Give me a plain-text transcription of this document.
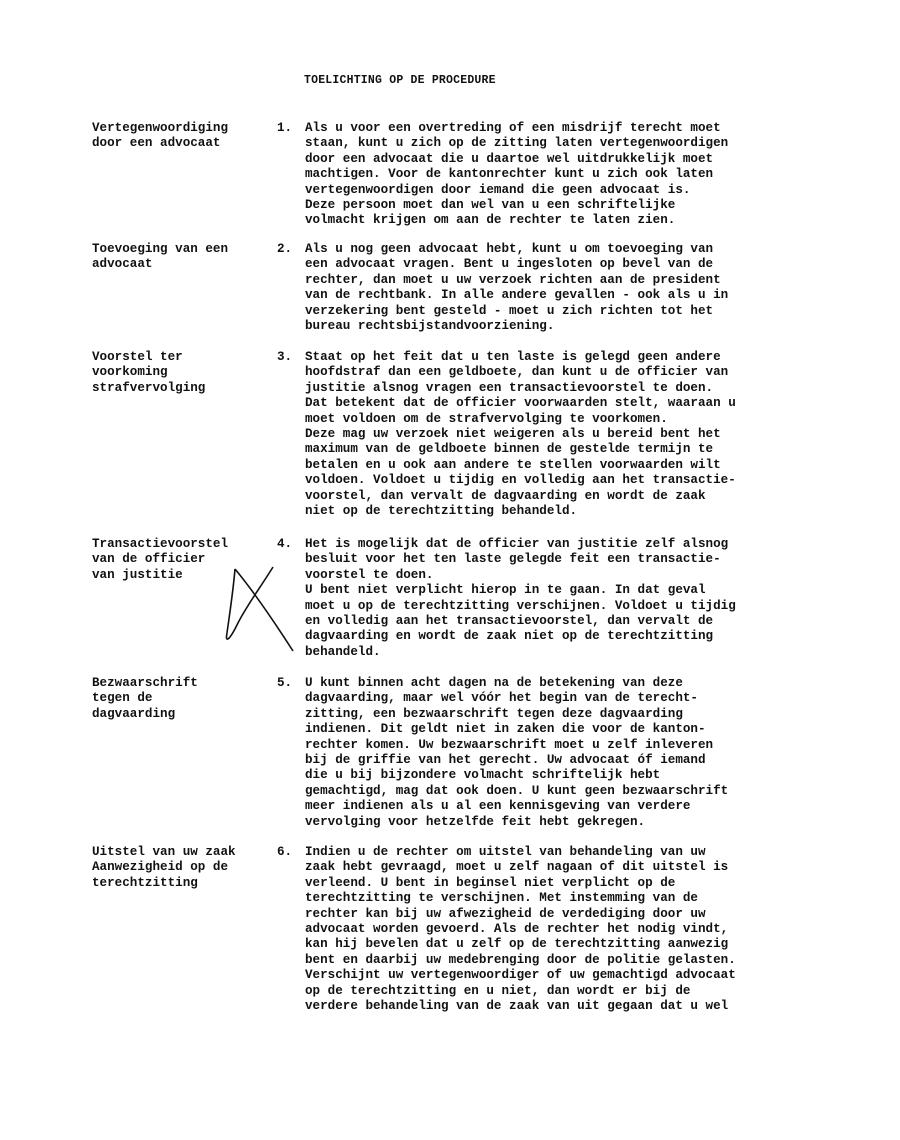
TOELICHTING OP DE PROCEDURE
Vertegenwoordiging
door een advocaat
1. Als u voor een overtreding of een misdrijf terecht moet
staan, kunt u zich op de zitting laten vertegenwoordigen
door een advocaat die u daartoe wel uitdrukkelijk moet
machtigen. Voor de kantonrechter kunt u zich ook laten
vertegenwoordigen door iemand die geen advocaat is.
Deze persoon moet dan wel van u een schriftelijke
volmacht krijgen om aan de rechter te laten zien.
Toevoeging van een
advocaat
2. Als u nog geen advocaat hebt, kunt u om toevoeging van
een advocaat vragen. Bent u ingesloten op bevel van de
rechter, dan moet u uw verzoek richten aan de president
van de rechtbank. In alle andere gevallen - ook als u in
verzekering bent gesteld - moet u zich richten tot het
bureau rechtsbijstandvoorziening.
Voorstel ter
voorkoming
strafvervolging
3. Staat op het feit dat u ten laste is gelegd geen andere
hoofdstraf dan een geldboete, dan kunt u de officier van
justitie alsnog vragen een transactievoorstel te doen.
Dat betekent dat de officier voorwaarden stelt, waaraan u
moet voldoen om de strafvervolging te voorkomen.
Deze mag uw verzoek niet weigeren als u bereid bent het
maximum van de geldboete binnen de gestelde termijn te
betalen en u ook aan andere te stellen voorwaarden wilt
voldoen. Voldoet u tijdig en volledig aan het transactie-
voorstel, dan vervalt de dagvaarding en wordt de zaak
niet op de terechtzitting behandeld.
Transactievoorstel
van de officier
van justitie
4. Het is mogelijk dat de officier van justitie zelf alsnog
besluit voor het ten laste gelegde feit een transactie-
voorstel te doen.
U bent niet verplicht hierop in te gaan. In dat geval
moet u op de terechtzitting verschijnen. Voldoet u tijdig
en volledig aan het transactievoorstel, dan vervalt de
dagvaarding en wordt de zaak niet op de terechtzitting
behandeld.
Bezwaarschrift
tegen de
dagvaarding
5. U kunt binnen acht dagen na de betekening van deze
dagvaarding, maar wel vóór het begin van de terecht-
zitting, een bezwaarschrift tegen deze dagvaarding
indienen. Dit geldt niet in zaken die voor de kanton-
rechter komen. Uw bezwaarschrift moet u zelf inleveren
bij de griffie van het gerecht. Uw advocaat óf iemand
die u bij bijzondere volmacht schriftelijk hebt
gemachtigd, mag dat ook doen. U kunt geen bezwaarschrift
meer indienen als u al een kennisgeving van verdere
vervolging voor hetzelfde feit hebt gekregen.
Uitstel van uw zaak
Aanwezigheid op de
terechtzitting
6. Indien u de rechter om uitstel van behandeling van uw
zaak hebt gevraagd, moet u zelf nagaan of dit uitstel is
verleend. U bent in beginsel niet verplicht op de
terechtzitting te verschijnen. Met instemming van de
rechter kan bij uw afwezigheid de verdediging door uw
advocaat worden gevoerd. Als de rechter het nodig vindt,
kan hij bevelen dat u zelf op de terechtzitting aanwezig
bent en daarbij uw medebrenging door de politie gelasten.
Verschijnt uw vertegenwoordiger of uw gemachtigd advocaat
op de terechtzitting en u niet, dan wordt er bij de
verdere behandeling van de zaak van uit gegaan dat u wel
